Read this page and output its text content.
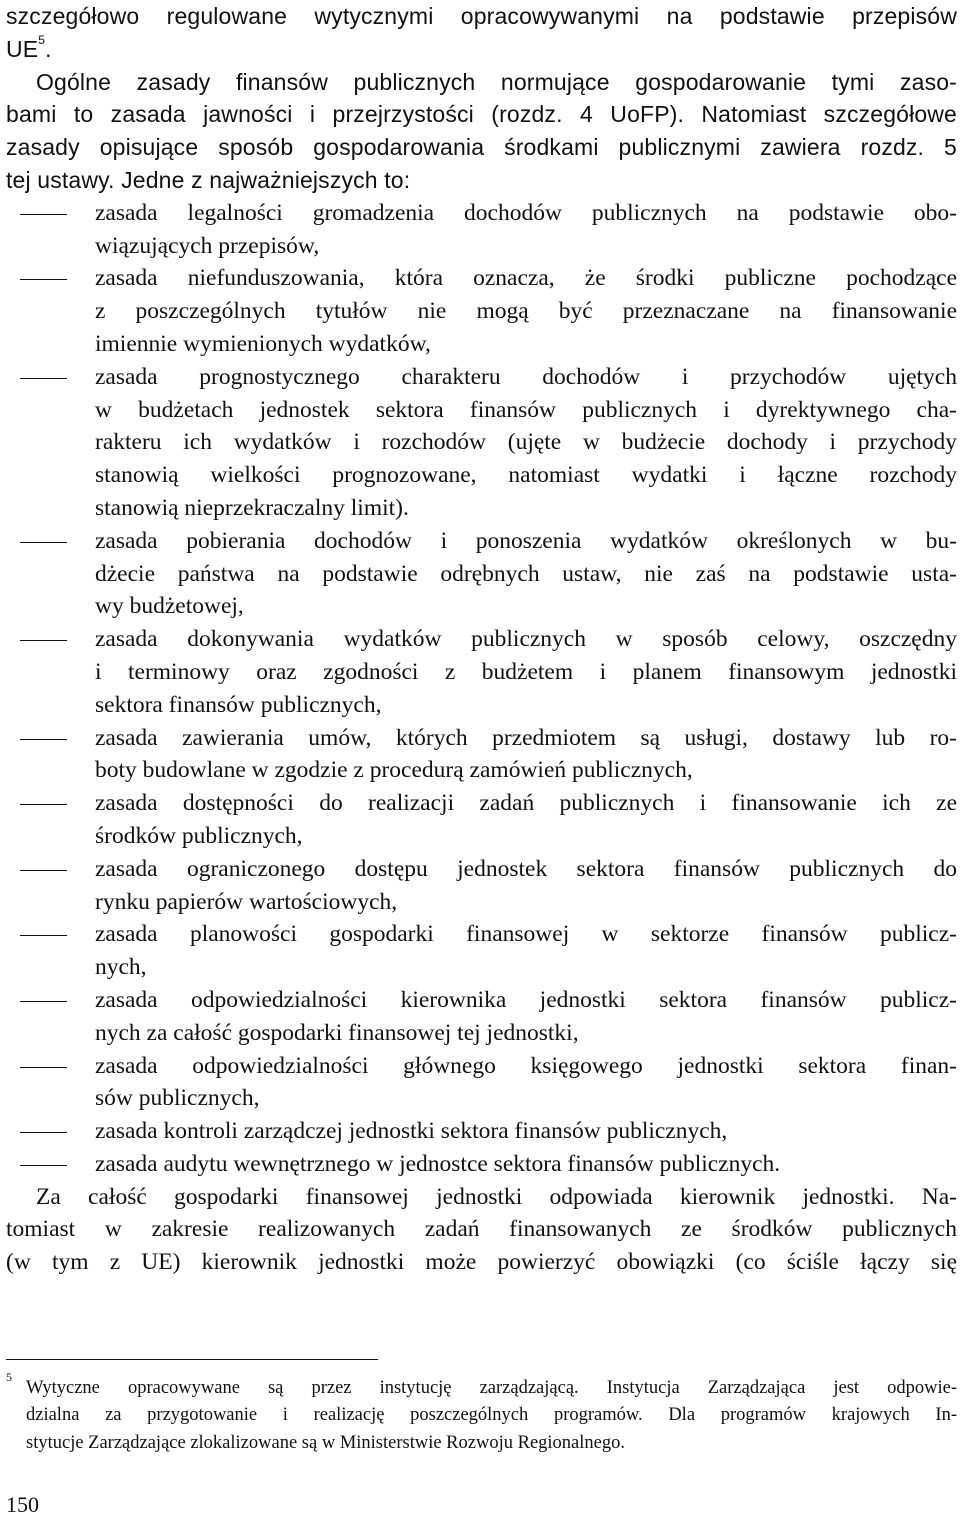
szczegółowo regulowane wytycznymi opracowywanymi na podstawie przepisów
$UE^5$.
Ogólne zasady finansów publicznych normujące gospodarowanie tymi zaso-
bami to zasada jawności i przejrzystości (rozdz. 4 UoFP). Natomiast szczegółowe
zasady opisujące sposób gospodarowania środkami publicznymi zawiera rozdz. 5
tej ustawy. Jedne z najważniejszych to:
zasada legalności gromadzenia dochodów publicznych na podstawie obo-
wiązujących przepisów,
zasada niefunduszowania, która oznacza, że środki publiczne pochodzące
z poszczególnych tytułów nie mogą być przeznaczane na finansowanie
imiennie wymienionych wydatków,
zasada prognostycznego charakteru dochodów i przychodów ujętych
w budżetach jednostek sektora finansów publicznych i dyrektywnego cha-
rakteru ich wydatków i rozchodów (ujęte w budżecie dochody i przychody
stanowią wielkości prognozowane, natomiast wydatki i łączne rozchody
stanowią nieprzekraczalny limit).
zasada pobierania dochodów i ponoszenia wydatków określonych w bu-
dżecie państwa na podstawie odrębnych ustaw, nie zaś na podstawie usta-
wy budżetowej,
zasada dokonywania wydatków publicznych w sposób celowy, oszczędny
i terminowy oraz zgodności z budżetem i planem finansowym jednostki
sektora finansów publicznych,
zasada zawierania umów, których przedmiotem są usługi, dostawy lub ro-
boty budowlane w zgodzie z procedurą zamówień publicznych,
zasada dostępności do realizacji zadań publicznych i finansowanie ich ze
środków publicznych,
zasada ograniczonego dostępu jednostek sektora finansów publicznych do
rynku papierów wartościowych,
zasada planowości gospodarki finansowej w sektorze finansów publicz-
nych,
zasada odpowiedzialności kierownika jednostki sektora finansów publicz-
nych za całość gospodarki finansowej tej jednostki,
zasada odpowiedzialności głównego księgowego jednostki sektora finan-
sów publicznych,
zasada kontroli zarządczej jednostki sektora finansów publicznych,
zasada audytu wewnętrznego w jednostce sektora finansów publicznych.
Za całość gospodarki finansowej jednostki odpowiada kierownik jednostki. Na-
tomiast w zakresie realizowanych zadań finansowanych ze środków publicznych
(w tym z UE) kierownik jednostki może powierzyć obowiązki (co ściśle łączy się
5
Wytyczne opracowywane są przez instytucję zarządzającą. Instytucja Zarządzająca jest odpowie-
dzialna za przygotowanie i realizację poszczególnych programów. Dla programów krajowych In-
stytucje Zarządzające zlokalizowane są w Ministerstwie Rozwoju Regionalnego.
150
